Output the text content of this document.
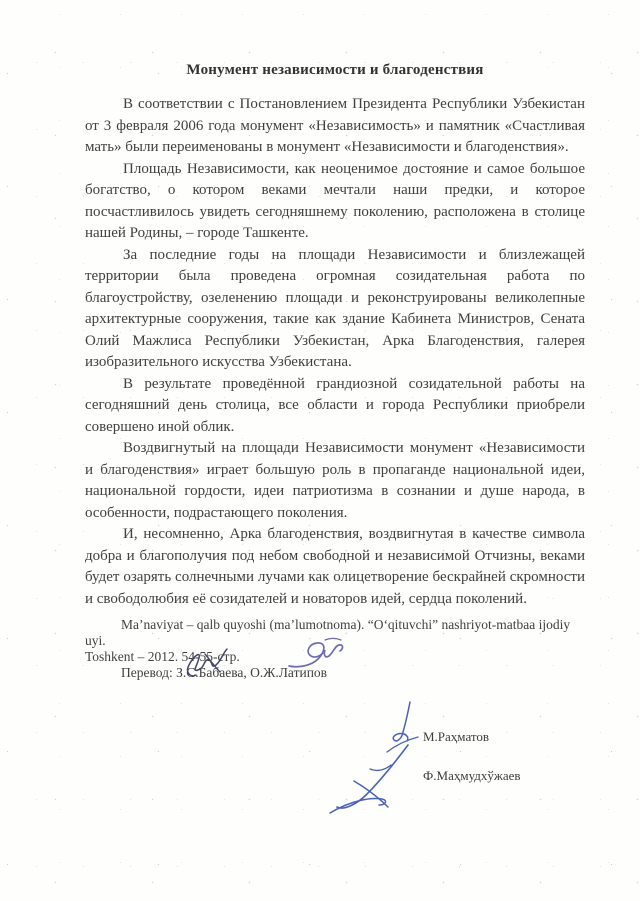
Монумент независимости и благоденствия

В соответствии с Постановлением Президента Республики Узбекистан от 3 февраля 2006 года монумент «Независимость» и памятник «Счастливая мать» были переименованы в монумент «Независимости и благоденствия».

Площадь Независимости, как неоценимое достояние и самое большое богатство, о котором веками мечтали наши предки, и которое посчастливилось увидеть сегодняшнему поколению, расположена в столице нашей Родины, – городе Ташкенте.

За последние годы на площади Независимости и близлежащей территории была проведена огромная созидательная работа по благоустройству, озеленению площади и реконструированы великолепные архитектурные сооружения, такие как здание Кабинета Министров, Сената Олий Мажлиса Республики Узбекистан, Арка Благоденствия, галерея изобразительного искусства Узбекистана.

В результате проведённой грандиозной созидательной работы на сегодняшний день столица, все области и города Республики приобрели совершено иной облик.

Воздвигнутый на площади Независимости монумент «Независимости и благоденствия» играет большую роль в пропаганде национальной идеи, национальной гордости, идеи патриотизма в сознании и душе народа, в особенности, подрастающего поколения.

И, несомненно, Арка благоденствия, воздвигнутая в качестве символа добра и благополучия под небом свободной и независимой Отчизны, веками будет озарять солнечными лучами как олицетворение бескрайней скромности и свободолюбия её созидателей и новаторов идей, сердца поколений.

Ma’naviyat – qalb quyoshi (ma’lumotnoma). “O‘qituvchi” nashriyot-matbaa ijodiy uyi.
Toshkent – 2012. 54-55-стр.
Перевод: З.С.Бабаева, О.Ж.Латипов
М.Раҳматов
Ф.Маҳмудхўжаев
